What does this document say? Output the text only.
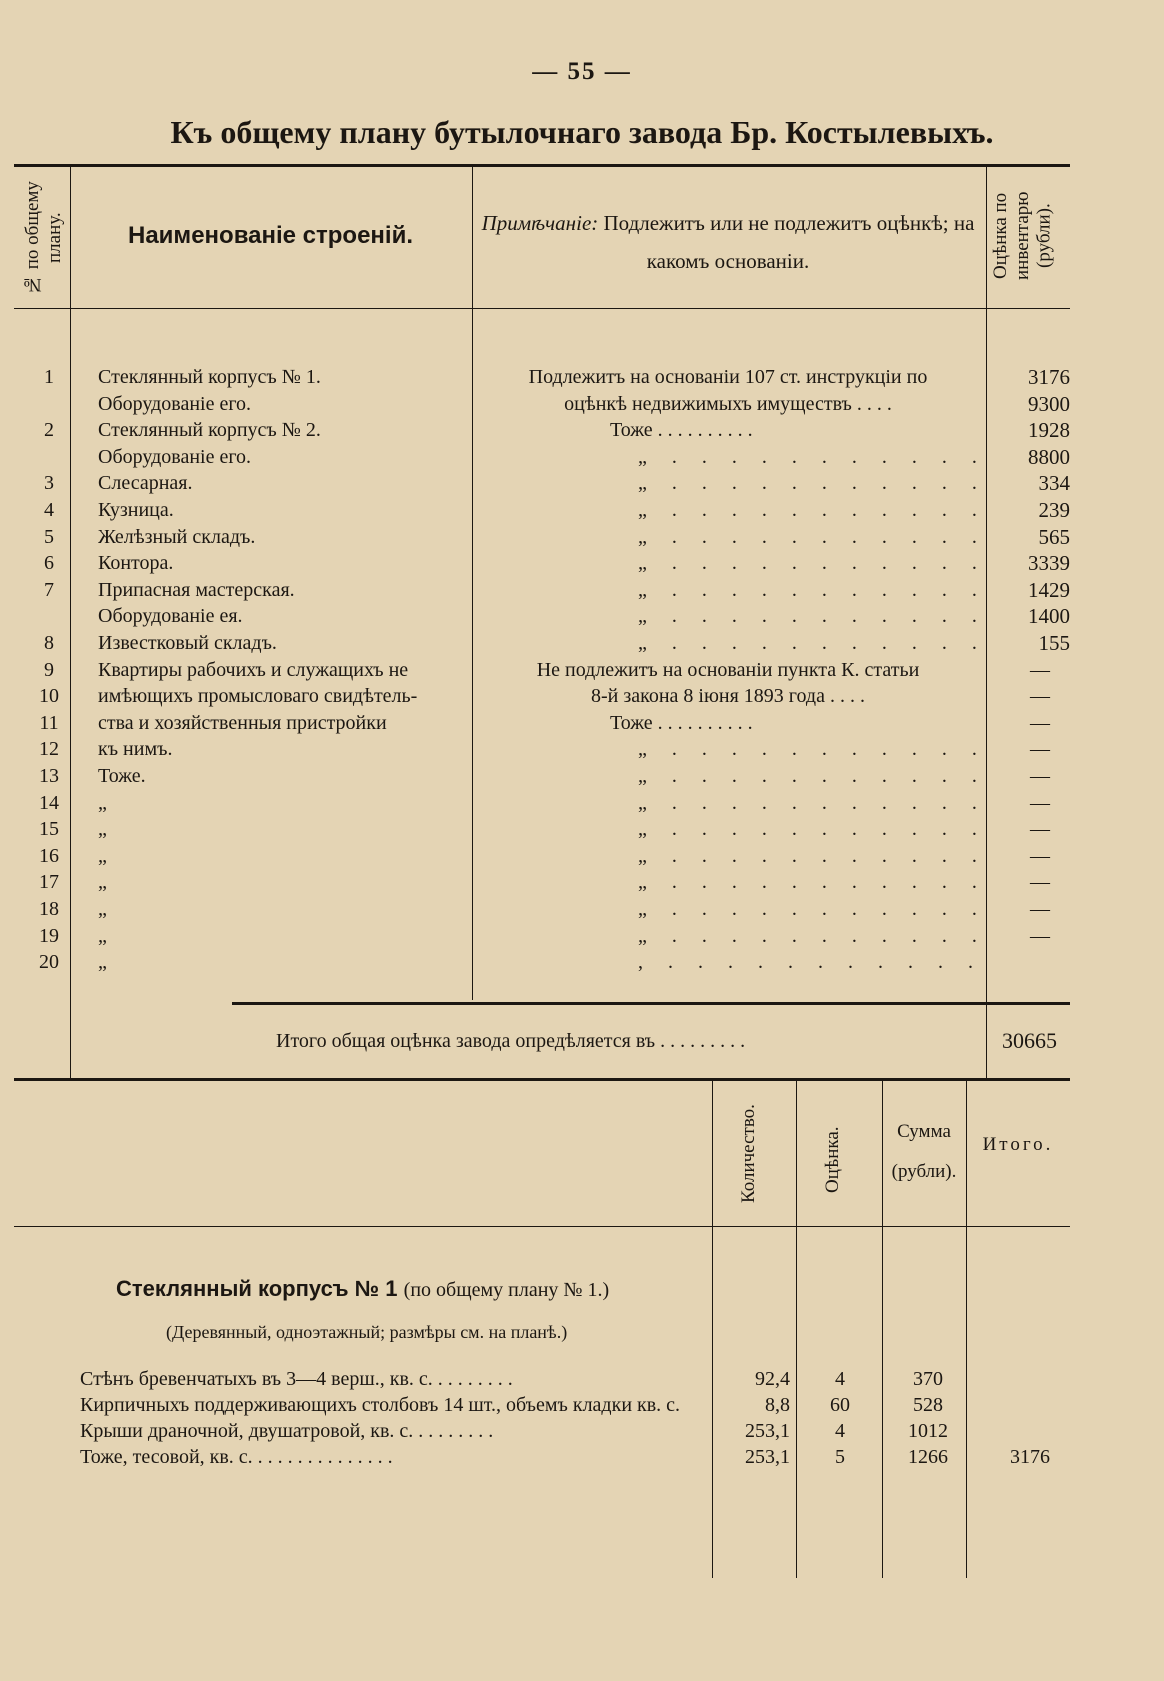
— 55 —
Къ общему плану бутылочнаго завода Бр. Костылевыхъ.
№ по общему плану.	Наименованiе строенiй.	Примѣчанiе: Подлежитъ или не подлежитъ оцѣнкѣ; на какомъ основанiи.	Оцѣнка по инвентарю (рубли).
1	Стеклянный корпусъ № 1.	Подлежитъ на основанiи 107 ст. инструкцiи по	3176
Оборудованiе его.	оцѣнкѣ недвижимыхъ имуществъ . . . .	9300
2	Стеклянный корпусъ № 2.	Тоже . . . . . . . . . .	1928
Оборудованiе его.	„ . . . . . . . . . . .	8800
3	Слесарная.	„ . . . . . . . . . . .	334
4	Кузница.	„ . . . . . . . . . . .	239
5	Желѣзный складъ.	„ . . . . . . . . . . .	565
6	Контора.	„ . . . . . . . . . . .	3339
7	Припасная мастерская.	„ . . . . . . . . . . .	1429
Оборудованiе ея.	„ . . . . . . . . . . .	1400
8	Известковый складъ.	„ . . . . . . . . . . .	155
9	Квартиры рабочихъ и служащихъ не	Не подлежитъ на основанiи пункта К. статьи	—
10	имѣющихъ промысловаго свидѣтель-	8-й закона 8 iюня 1893 года . . . .	—
11	ства и хозяйственныя пристройки	Тоже . . . . . . . . . .	—
12	къ нимъ.	„ . . . . . . . . . . .	—
13	Тоже.	„ . . . . . . . . . . .	—
14	„	„ . . . . . . . . . . .	—
15	„	„ . . . . . . . . . . .	—
16	„	„ . . . . . . . . . . .	—
17	„	„ . . . . . . . . . . .	—
18	„	„ . . . . . . . . . . .	—
19	„	„ . . . . . . . . . . .	—
20	„	, . . . . . . . . . . .
Итого общая оцѣнка завода опредѣляется въ . . . . . . . . .	30665
Количество.	Оцѣнка.	Сумма (рубли).
Итого.
Стеклянный корпусъ № 1 (по общему плану № 1.)
(Деревянный, одноэтажный; размѣры см. на планѣ.)
Стѣнъ бревенчатыхъ въ 3—4 верш., кв. с. . . . . . . . .	92,4	4	370
Кирпичныхъ поддерживающихъ столбовъ 14 шт., объемъ кладки кв. с.	8,8	60	528
Крыши драночной, двушатровой, кв. с. . . . . . . . .	253,1	4	1012
Тоже, тесовой, кв. с. . . . . . . . . . . . . . .	253,1	5	1266	3176
